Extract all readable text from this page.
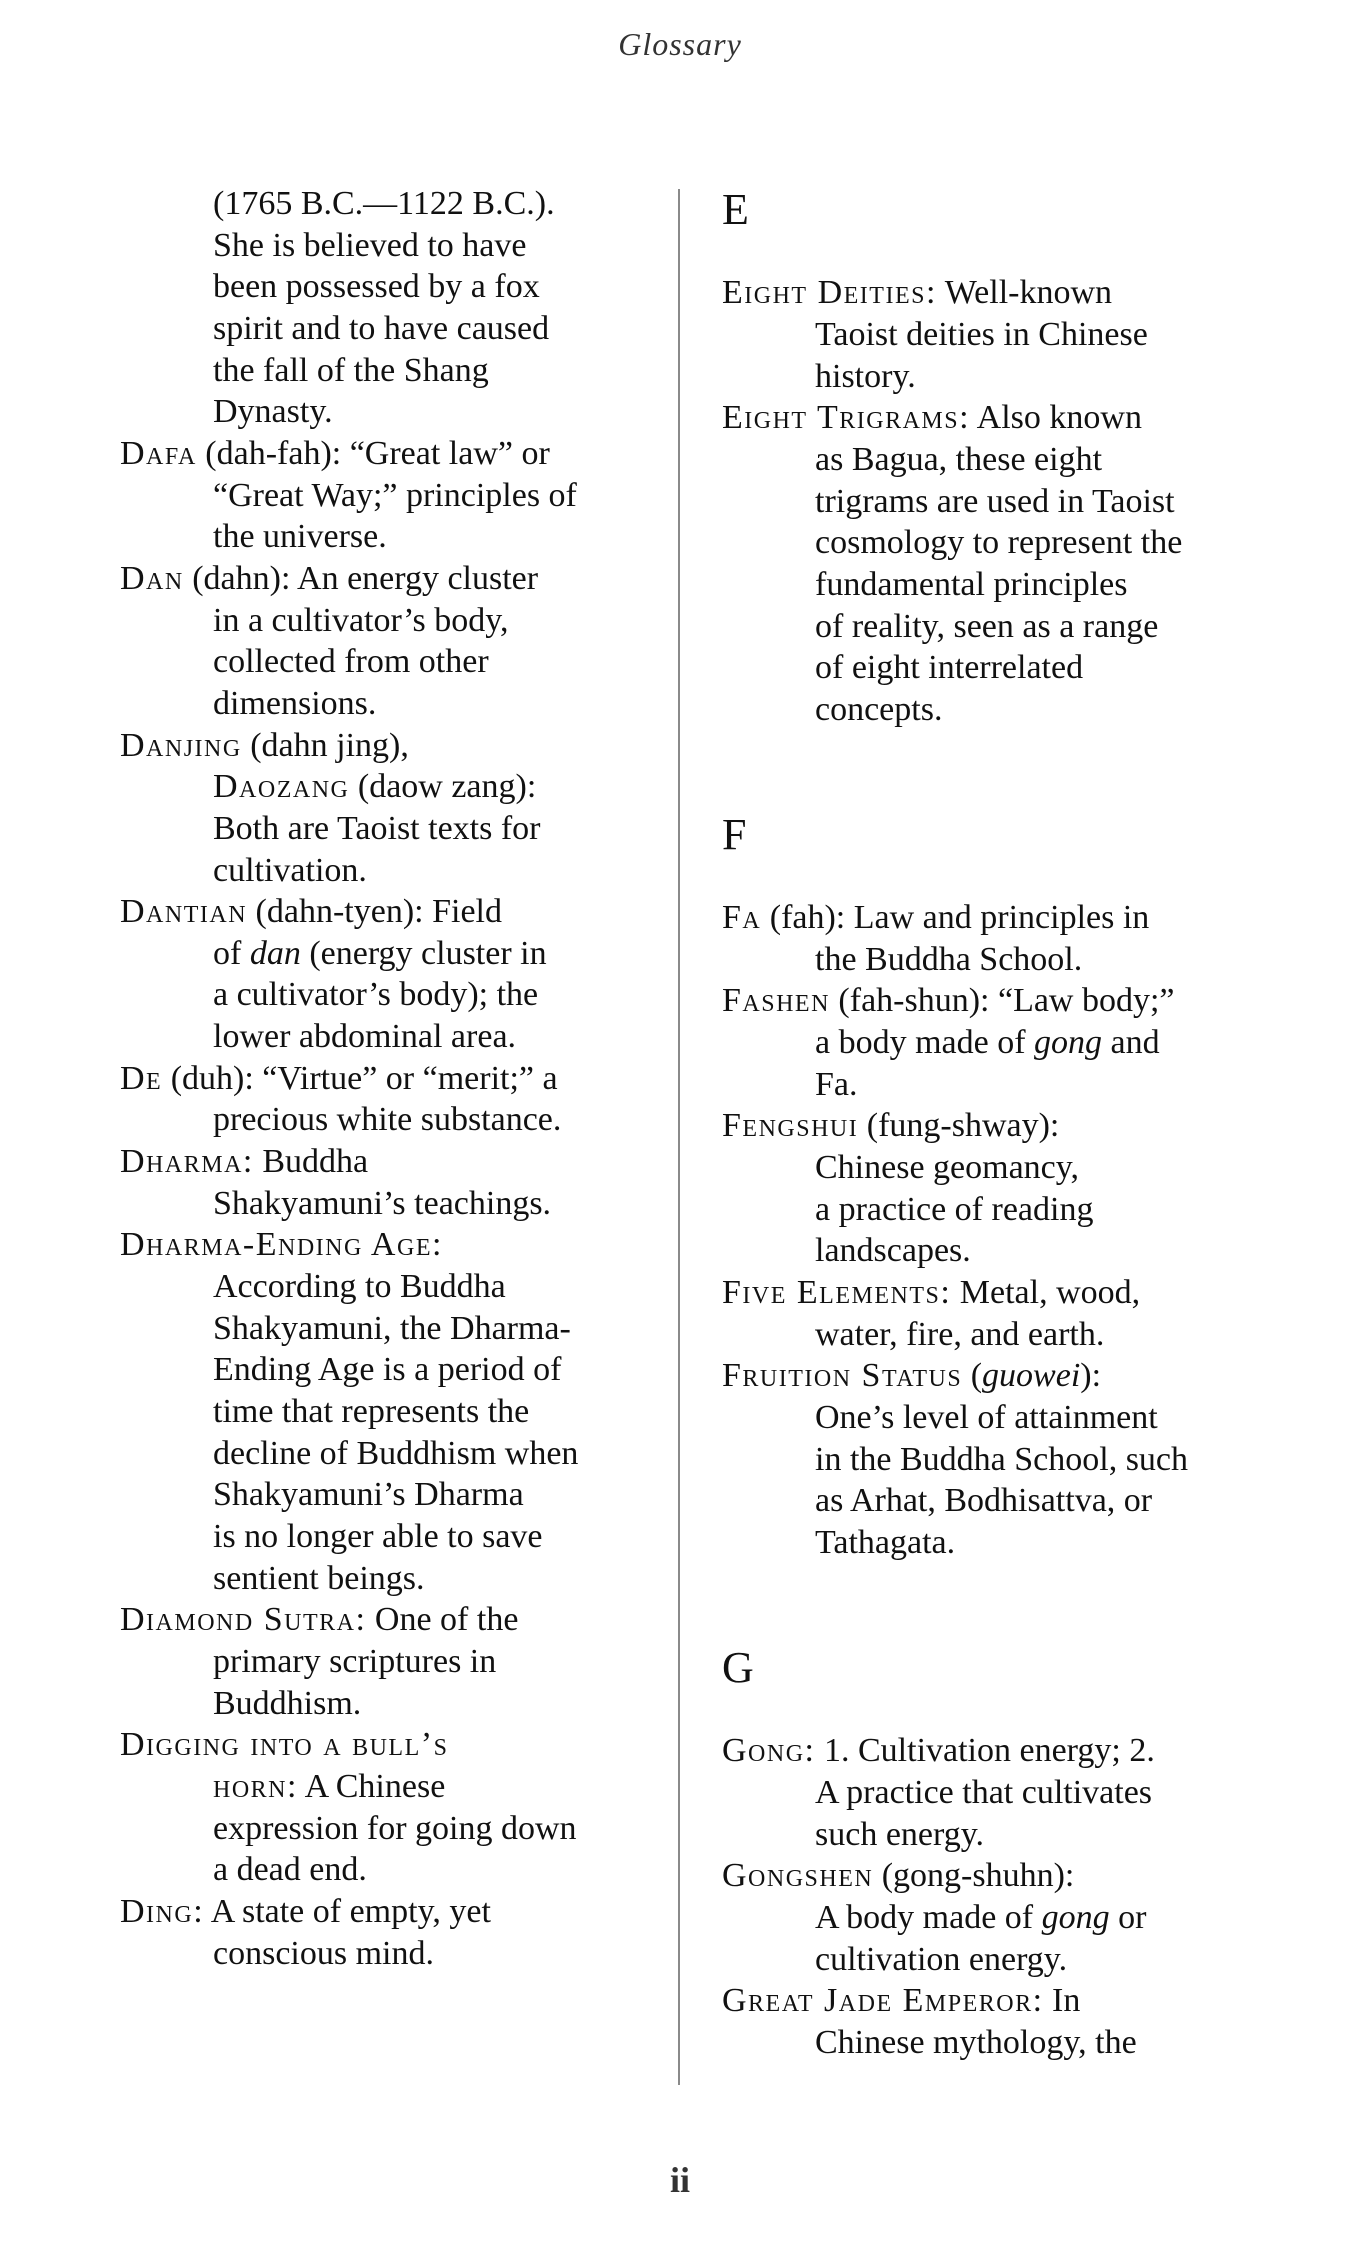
Glossary
(1765 B.C.—1122 B.C.).
She is believed to have
been possessed by a fox
spirit and to have caused
the fall of the Shang
Dynasty.
Dafa (dah-fah): “Great law” or
“Great Way;” principles of
the universe.
Dan (dahn): An energy cluster
in a cultivator’s body,
collected from other
dimensions.
Danjing (dahn jing),
Daozang (daow zang):
Both are Taoist texts for
cultivation.
Dantian (dahn-tyen): Field
of dan (energy cluster in
a cultivator’s body); the
lower abdominal area.
De (duh): “Virtue” or “merit;” a
precious white substance.
Dharma: Buddha
Shakyamuni’s teachings.
Dharma-Ending Age:
According to Buddha
Shakyamuni, the Dharma-
Ending Age is a period of
time that represents the
decline of Buddhism when
Shakyamuni’s Dharma
is no longer able to save
sentient beings.
Diamond Sutra: One of the
primary scriptures in
Buddhism.
Digging into a bull’s
horn: A Chinese
expression for going down
a dead end.
Ding: A state of empty, yet
conscious mind.
E
Eight Deities: Well-known
Taoist deities in Chinese
history.
Eight Trigrams: Also known
as Bagua, these eight
trigrams are used in Taoist
cosmology to represent the
fundamental principles
of reality, seen as a range
of eight interrelated
concepts.
F
Fa (fah): Law and principles in
the Buddha School.
Fashen (fah-shun): “Law body;”
a body made of gong and
Fa.
Fengshui (fung-shway):
Chinese geomancy,
a practice of reading
landscapes.
Five Elements: Metal, wood,
water, fire, and earth.
Fruition Status (guowei):
One’s level of attainment
in the Buddha School, such
as Arhat, Bodhisattva, or
Tathagata.
G
Gong: 1. Cultivation energy; 2.
A practice that cultivates
such energy.
Gongshen (gong-shuhn):
A body made of gong or
cultivation energy.
Great Jade Emperor: In
Chinese mythology, the
ii
